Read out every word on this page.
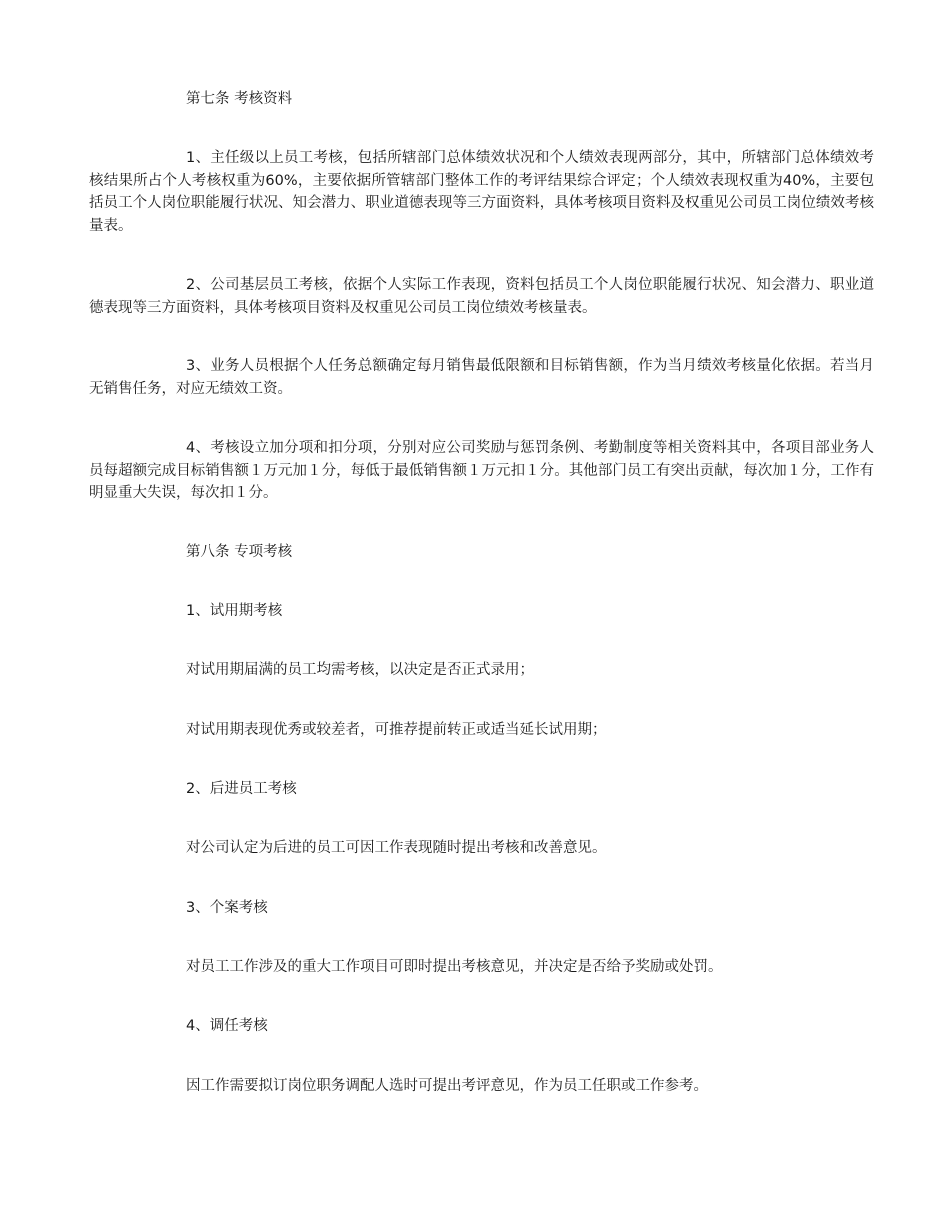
第七条 考核资料

1、主任级以上员工考核，包括所辖部门总体绩效状况和个人绩效表现两部分，其中，所辖部门总体绩效考核结果所占个人考核权重为60%，主要依据所管辖部门整体工作的考评结果综合评定；个人绩效表现权重为40%，主要包括员工个人岗位职能履行状况、知会潜力、职业道德表现等三方面资料，具体考核项目资料及权重见公司员工岗位绩效考核量表。

2、公司基层员工考核，依据个人实际工作表现，资料包括员工个人岗位职能履行状况、知会潜力、职业道德表现等三方面资料，具体考核项目资料及权重见公司员工岗位绩效考核量表。

3、业务人员根据个人任务总额确定每月销售最低限额和目标销售额，作为当月绩效考核量化依据。若当月无销售任务，对应无绩效工资。

4、考核设立加分项和扣分项，分别对应公司奖励与惩罚条例、考勤制度等相关资料其中，各项目部业务人员每超额完成目标销售额１万元加１分，每低于最低销售额１万元扣１分。其他部门员工有突出贡献，每次加１分，工作有明显重大失误，每次扣１分。

第八条 专项考核

1、试用期考核

对试用期届满的员工均需考核，以决定是否正式录用；

对试用期表现优秀或较差者，可推荐提前转正或适当延长试用期；

2、后进员工考核

对公司认定为后进的员工可因工作表现随时提出考核和改善意见。

3、个案考核

对员工工作涉及的重大工作项目可即时提出考核意见，并决定是否给予奖励或处罚。

4、调任考核

因工作需要拟订岗位职务调配人选时可提出考评意见，作为员工任职或工作参考。
